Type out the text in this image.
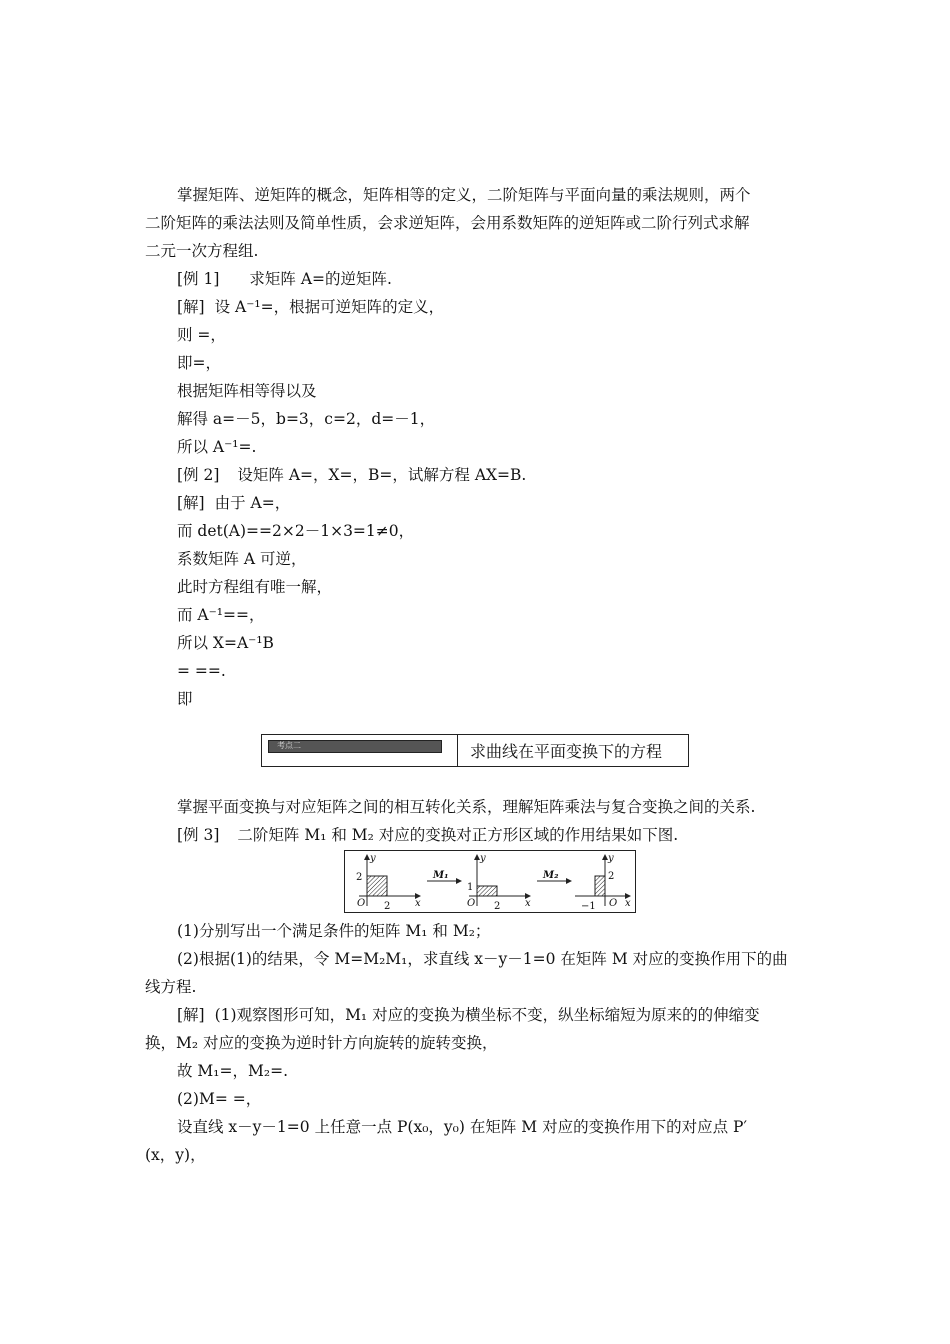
掌握矩阵、逆矩阵的概念，矩阵相等的定义，二阶矩阵与平面向量的乘法规则，两个
二阶矩阵的乘法法则及简单性质，会求逆矩阵，会用系数矩阵的逆矩阵或二阶行列式求解
二元一次方程组.
[例 1] 求矩阵 A=的逆矩阵.
[解] 设 A⁻¹=，根据可逆矩阵的定义，
则 =，
即=，
根据矩阵相等得以及
解得 a=－5，b=3，c=2，d=－1，
所以 A⁻¹=.
[例 2] 设矩阵 A=，X=，B=，试解方程 AX=B.
[解] 由于 A=，
而 det(A)==2×2－1×3=1≠0，
系数矩阵 A 可逆，
此时方程组有唯一解，
而 A⁻¹==，
所以 X=A⁻¹B
= ==.
即
考点二	求曲线在平面变换下的方程
掌握平面变换与对应矩阵之间的相互转化关系，理解矩阵乘法与复合变换之间的关系.
[例 3] 二阶矩阵 M₁ 和 M₂ 对应的变换对正方形区域的作用结果如下图.
y
x
O
2
2
M₁
y
x
O
1
2
M₂
y
x
O
2
−1
(1)分别写出一个满足条件的矩阵 M₁ 和 M₂；
(2)根据(1)的结果，令 M=M₂M₁，求直线 x－y－1=0 在矩阵 M 对应的变换作用下的曲
线方程.
[解] (1)观察图形可知，M₁ 对应的变换为横坐标不变，纵坐标缩短为原来的的伸缩变
换，M₂ 对应的变换为逆时针方向旋转的旋转变换，
故 M₁=，M₂=.
(2)M= =，
设直线 x－y－1=0 上任意一点 P(x₀，y₀) 在矩阵 M 对应的变换作用下的对应点 P′
(x，y)，
